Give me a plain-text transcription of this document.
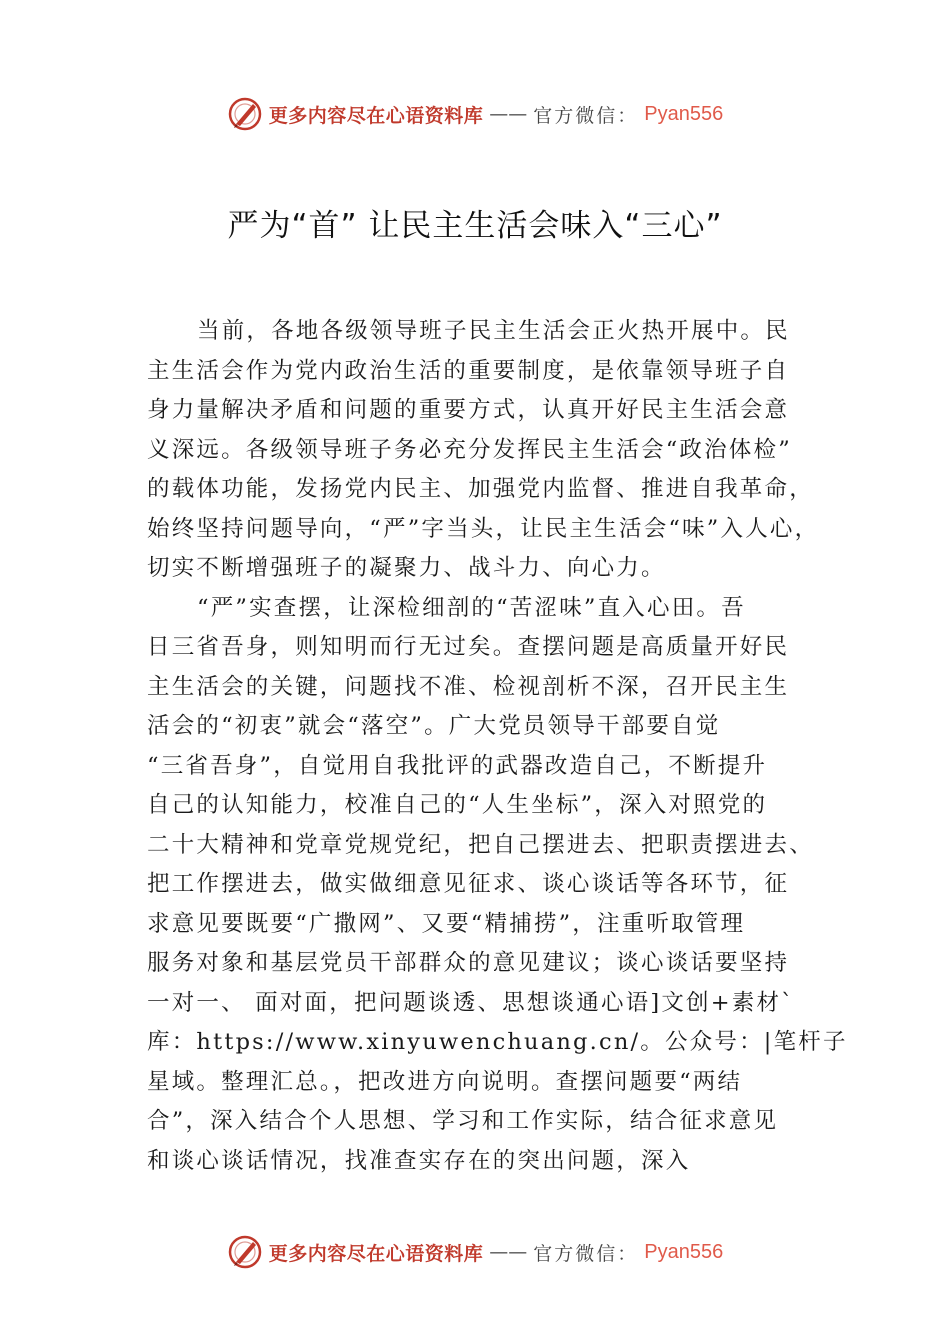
更多内容尽在心语资料库 —— 官方微信： Pyan556
严为“首” 让民主生活会味入“三心”
当前，各地各级领导班子民主生活会正火热开展中。民
主生活会作为党内政治生活的重要制度，是依靠领导班子自
身力量解决矛盾和问题的重要方式，认真开好民主生活会意
义深远。各级领导班子务必充分发挥民主生活会“政治体检”
的载体功能，发扬党内民主、加强党内监督、推进自我革命，
始终坚持问题导向，“严”字当头，让民主生活会“味”入人心，
切实不断增强班子的凝聚力、战斗力、向心力。
“严”实查摆，让深检细剖的“苦涩味”直入心田。吾
日三省吾身，则知明而行无过矣。查摆问题是高质量开好民
主生活会的关键，问题找不准、检视剖析不深，召开民主生
活会的“初衷”就会“落空”。广大党员领导干部要自觉
“三省吾身”，自觉用自我批评的武器改造自己，不断提升
自己的认知能力，校准自己的“人生坐标”，深入对照党的
二十大精神和党章党规党纪，把自己摆进去、把职责摆进去、
把工作摆进去，做实做细意见征求、谈心谈话等各环节，征
求意见要既要“广撒网”、又要“精捕捞”，注重听取管理
服务对象和基层党员干部群众的意见建议；谈心谈话要坚持
一对一、 面对面，把问题谈透、思想谈通心语]文创+素材`
库：https://www.xinyuwenchuang.cn/。公众号：|笔杆子
星域。整理汇总。，把改进方向说明。查摆问题要“两结
合”，深入结合个人思想、学习和工作实际，结合征求意见
和谈心谈话情况，找准查实存在的突出问题，深入
更多内容尽在心语资料库 —— 官方微信： Pyan556
